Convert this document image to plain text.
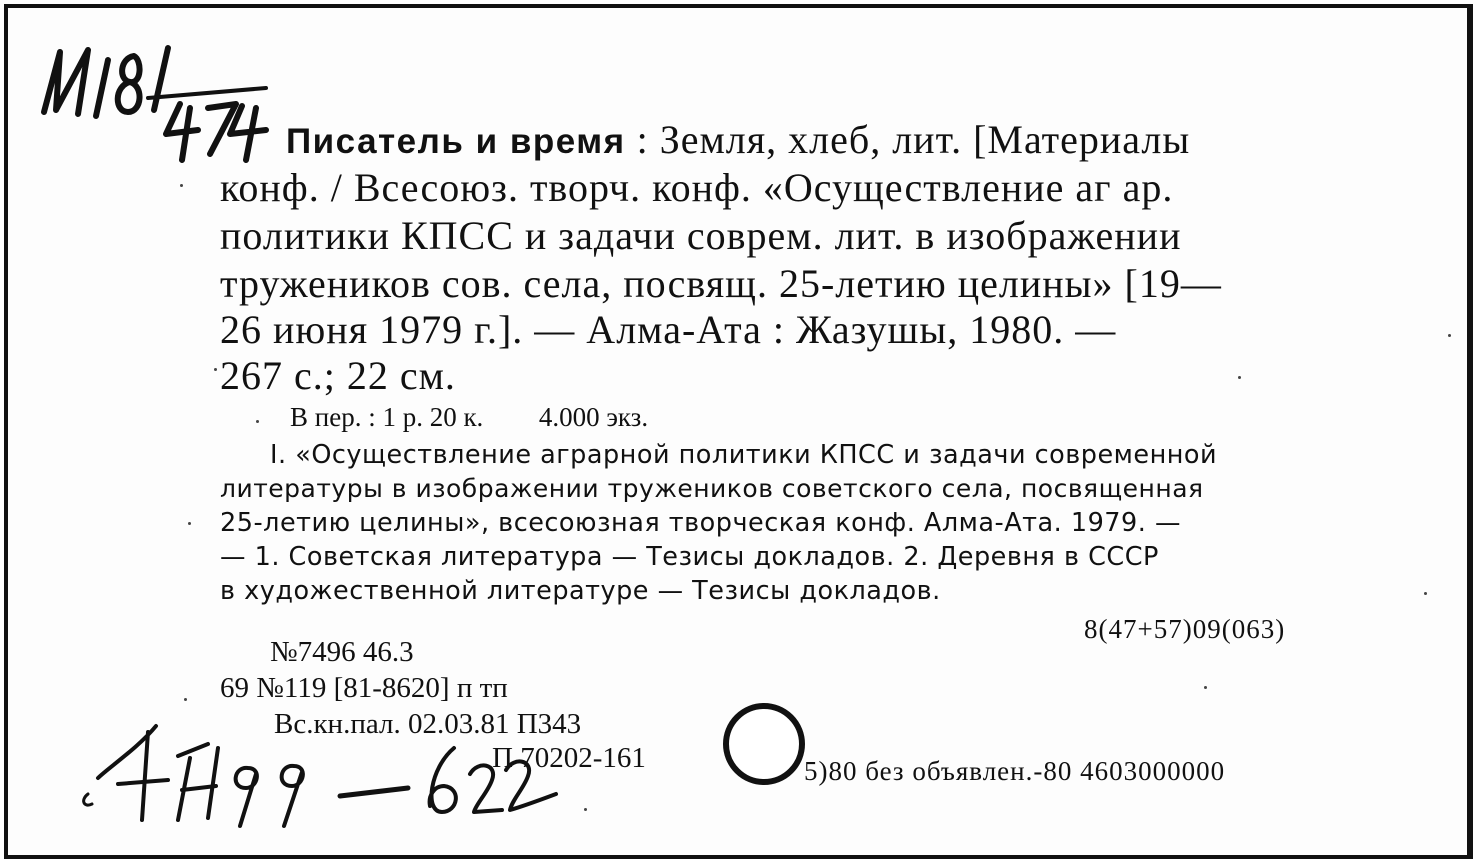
Писатель и время : Земля, хлеб, лит. [Материалы
конф. / Всесоюз. творч. конф. «Осуществление аг ар.
политики КПСС и задачи соврем. лит. в изображении
тружеников сов. села, посвящ. 25-летию целины» [19—
26 июня 1979 г.]. — Алма-Ата : Жазушы, 1980. —
267 с.; 22 см.
В пер. : 1 р. 20 к. 4.000 экз.
I. «Осуществление аграрной политики КПСС и задачи современной
литературы в изображении тружеников советского села, посвященная
25-летию целины», всесоюзная творческая конф. Алма-Ата. 1979. —
— 1. Советская литература — Тезисы докладов. 2. Деревня в СССР
в художественной литературе — Тезисы докладов.
8(47+57)09(063)
№7496 46.3
69 №119 [81-8620] п тп
Вс.кн.пал. 02.03.81 П343
П 70202-161	5)80 без объявлен.-80 4603000000
